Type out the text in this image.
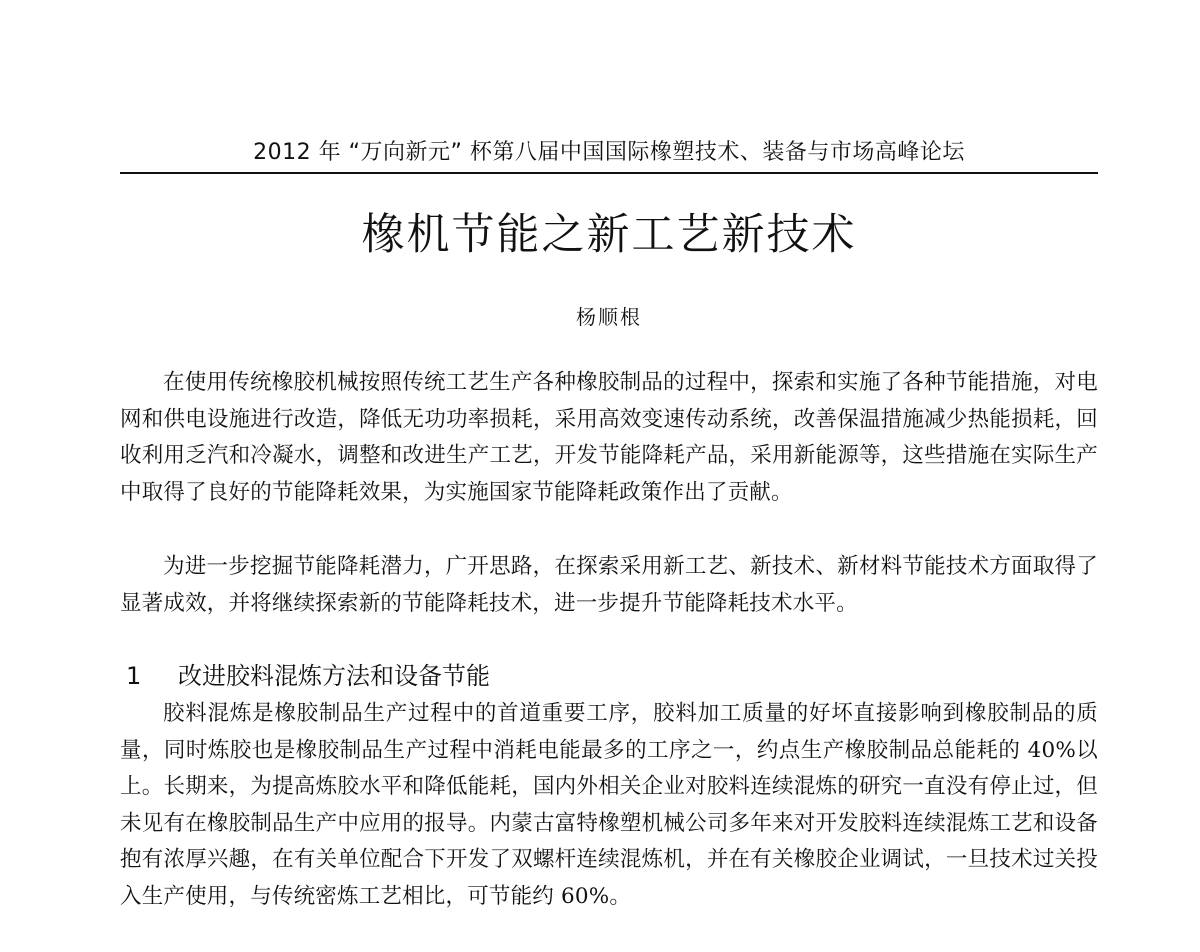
2012 年 “万向新元” 杯第八届中国国际橡塑技术、装备与市场高峰论坛
橡机节能之新工艺新技术
杨顺根

在使用传统橡胶机械按照传统工艺生产各种橡胶制品的过程中，探索和实施了各种节能措施，对电网和供电设施进行改造，降低无功功率损耗，采用高效变速传动系统，改善保温措施减少热能损耗，回收利用乏汽和冷凝水，调整和改进生产工艺，开发节能降耗产品，采用新能源等，这些措施在实际生产中取得了良好的节能降耗效果，为实施国家节能降耗政策作出了贡献。

为进一步挖掘节能降耗潜力，广开思路，在探索采用新工艺、新技术、新材料节能技术方面取得了显著成效，并将继续探索新的节能降耗技术，进一步提升节能降耗技术水平。

1	改进胶料混炼方法和设备节能

胶料混炼是橡胶制品生产过程中的首道重要工序，胶料加工质量的好坏直接影响到橡胶制品的质量，同时炼胶也是橡胶制品生产过程中消耗电能最多的工序之一，约点生产橡胶制品总能耗的 40%以上。长期来，为提高炼胶水平和降低能耗，国内外相关企业对胶料连续混炼的研究一直没有停止过，但未见有在橡胶制品生产中应用的报导。内蒙古富特橡塑机械公司多年来对开发胶料连续混炼工艺和设备抱有浓厚兴趣，在有关单位配合下开发了双螺杆连续混炼机，并在有关橡胶企业调试，一旦技术过关投入生产使用，与传统密炼工艺相比，可节能约 60%。
